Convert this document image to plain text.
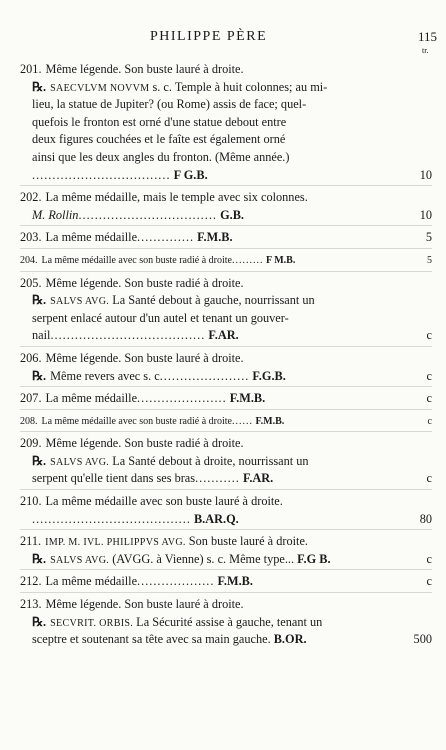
PHILIPPE PÈRE	115
tr.
201. Même légende. Son buste lauré à droite.
℞. SAECVLVM NOVVM s. c. Temple à huit colonnes; au mi-
lieu, la statue de Jupiter? (ou Rome) assis de face; quel-
quefois le fronton est orné d'une statue debout entre
deux figures couchées et le faîte est également orné
ainsi que les deux angles du fronton. (Même année.)
.................................. F G.B.	10
202. La même médaille, mais le temple avec six colonnes.
M. Rollin.................................. G.B.	10
203. La même médaille.............. F.M.B.	5
204. La même médaille avec son buste radié à droite......... F M.B.	5
205. Même légende. Son buste radié à droite.
℞. SALVS AVG. La Santé debout à gauche, nourrissant un
serpent enlacé autour d'un autel et tenant un gouver-
nail...................................... F.AR.	c
206. Même légende. Son buste lauré à droite.
℞. Même revers avec s. c...................... F.G.B.	c
207. La même médaille...................... F.M.B.	c
208. La même médaille avec son buste radié à droite...... F.M.B.	c
209. Même légende. Son buste radié à droite.
℞. SALVS AVG. La Santé debout à droite, nourrissant un
serpent qu'elle tient dans ses bras........... F.AR.	c
210. La même médaille avec son buste lauré à droite.
....................................... B.AR.Q.	80
211. IMP. M. IVL. PHILIPPVS AVG. Son buste lauré à droite.
℞. SALVS AVG. (AVGG. à Vienne) s. c. Même type... F.G B.	c
212. La même médaille................... F.M.B.	c
213. Même légende. Son buste lauré à droite.
℞. SECVRIT. ORBIS. La Sécurité assise à gauche, tenant un
sceptre et soutenant sa tête avec sa main gauche. B.OR.	500
